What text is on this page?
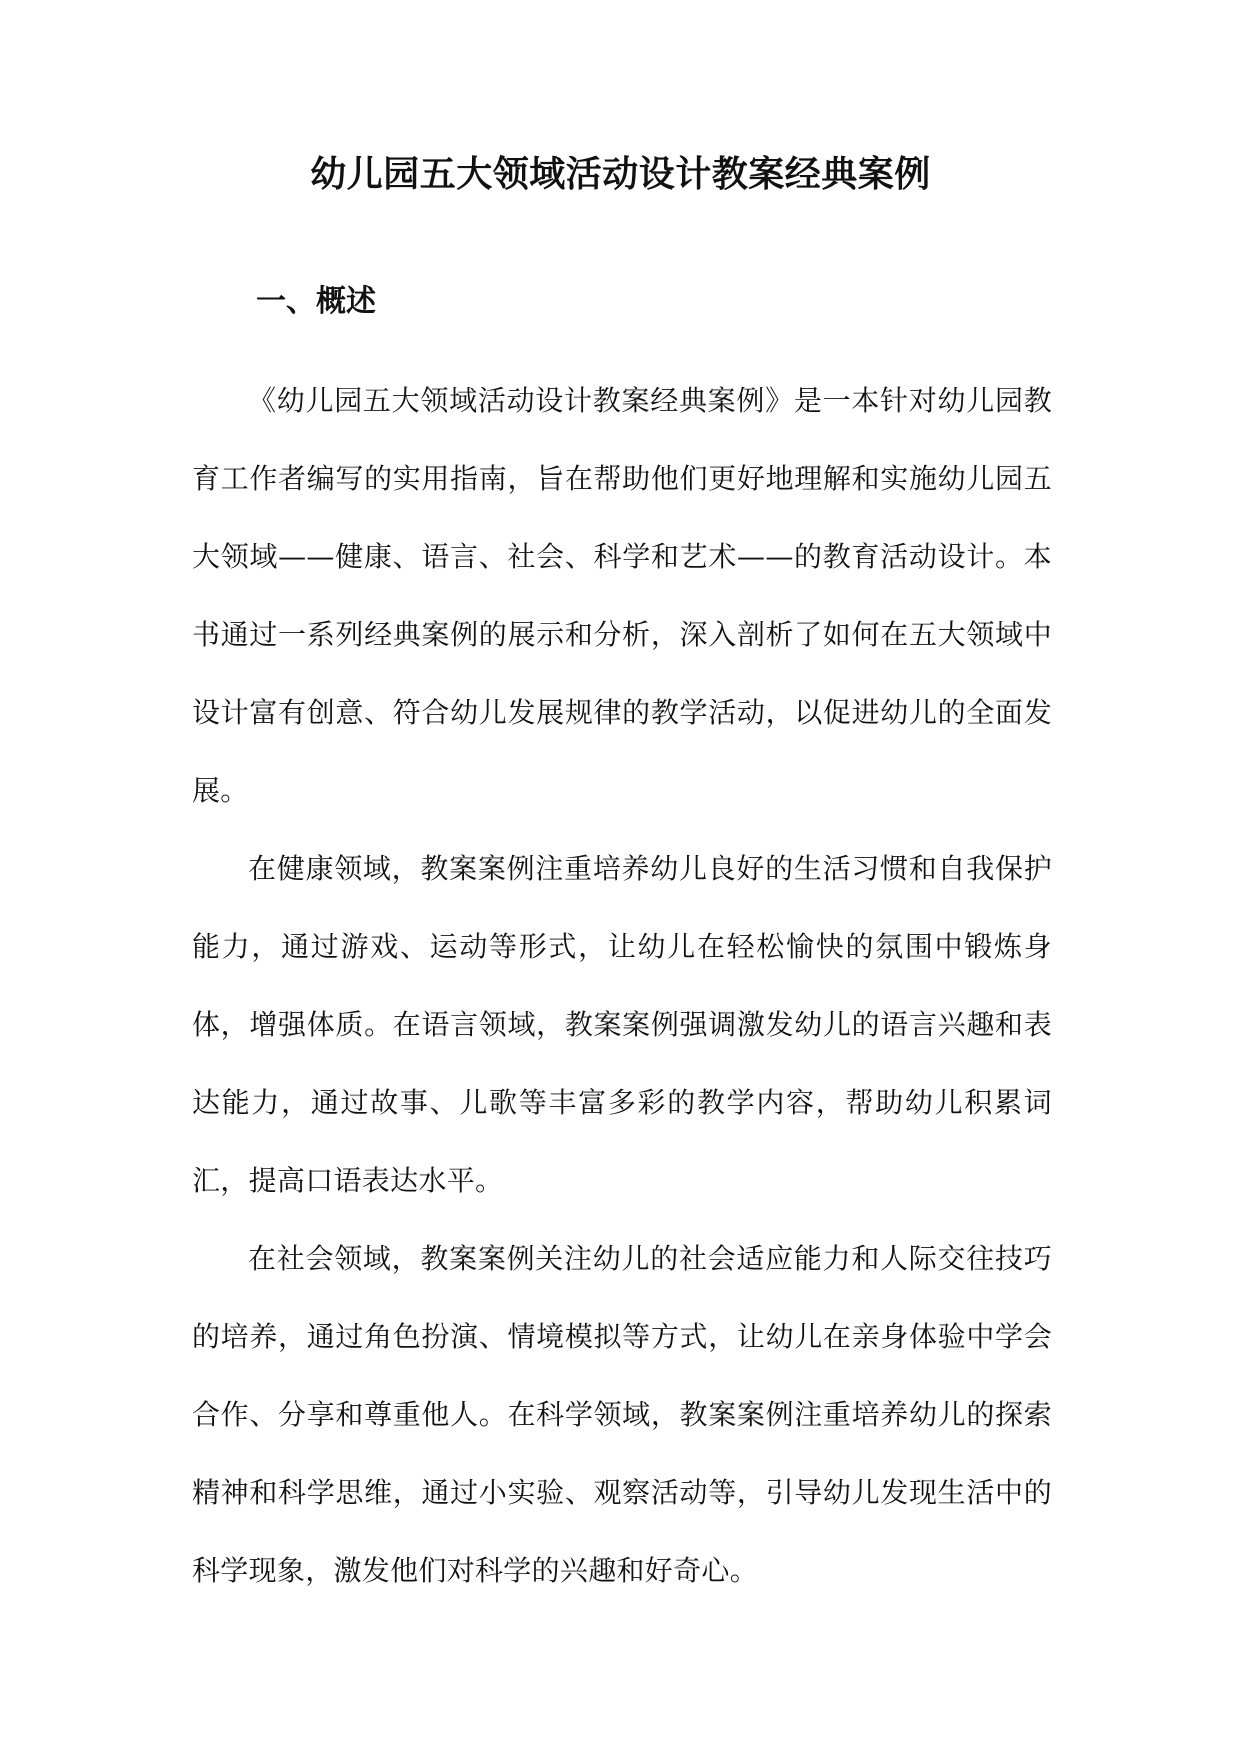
幼儿园五大领域活动设计教案经典案例
一、概述

《幼儿园五大领域活动设计教案经典案例》是一本针对幼儿园教育工作者编写的实用指南，旨在帮助他们更好地理解和实施幼儿园五大领域——健康、语言、社会、科学和艺术——的教育活动设计。本书通过一系列经典案例的展示和分析，深入剖析了如何在五大领域中设计富有创意、符合幼儿发展规律的教学活动，以促进幼儿的全面发展。

在健康领域，教案案例注重培养幼儿良好的生活习惯和自我保护能力，通过游戏、运动等形式，让幼儿在轻松愉快的氛围中锻炼身体，增强体质。在语言领域，教案案例强调激发幼儿的语言兴趣和表达能力，通过故事、儿歌等丰富多彩的教学内容，帮助幼儿积累词汇，提高口语表达水平。

在社会领域，教案案例关注幼儿的社会适应能力和人际交往技巧的培养，通过角色扮演、情境模拟等方式，让幼儿在亲身体验中学会合作、分享和尊重他人。在科学领域，教案案例注重培养幼儿的探索精神和科学思维，通过小实验、观察活动等，引导幼儿发现生活中的科学现象，激发他们对科学的兴趣和好奇心。
